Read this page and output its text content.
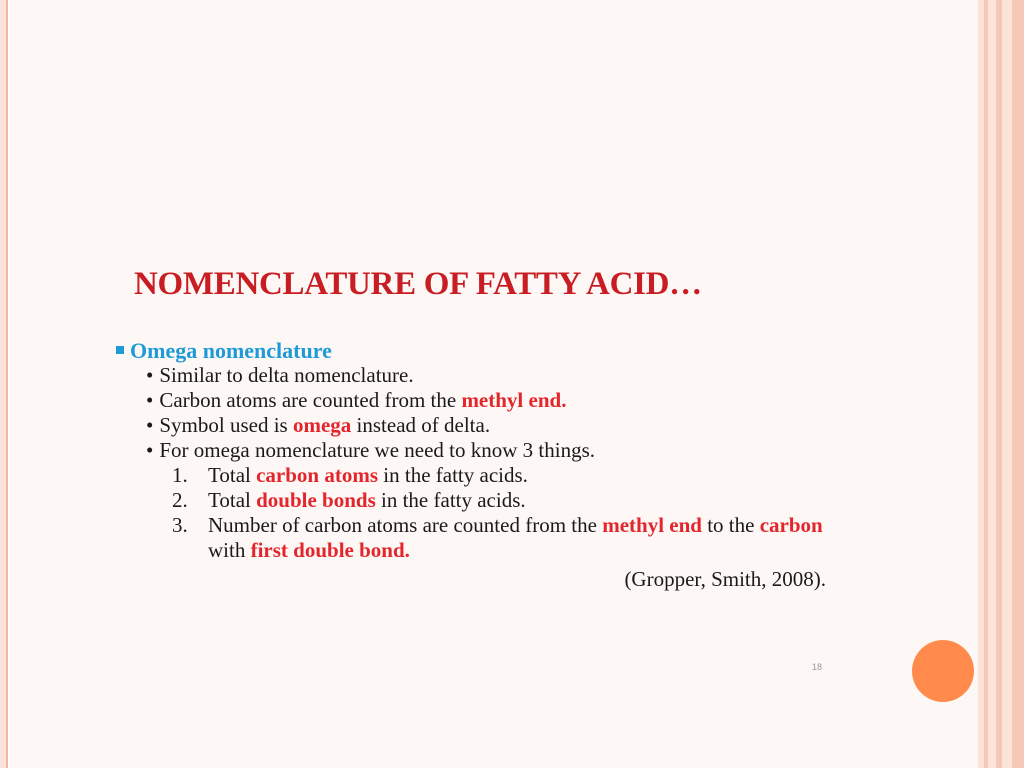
NOMENCLATURE OF FATTY ACID…
Omega nomenclature
• Similar to delta nomenclature.
• Carbon atoms are counted from the methyl end.
• Symbol used is omega instead of delta.
• For omega nomenclature we need to know 3 things.
1. Total carbon atoms in the fatty acids.
2. Total double bonds in the fatty acids.
3. Number of carbon atoms are counted from the methyl end to the carbon with first double bond.
(Gropper, Smith, 2008).
18
